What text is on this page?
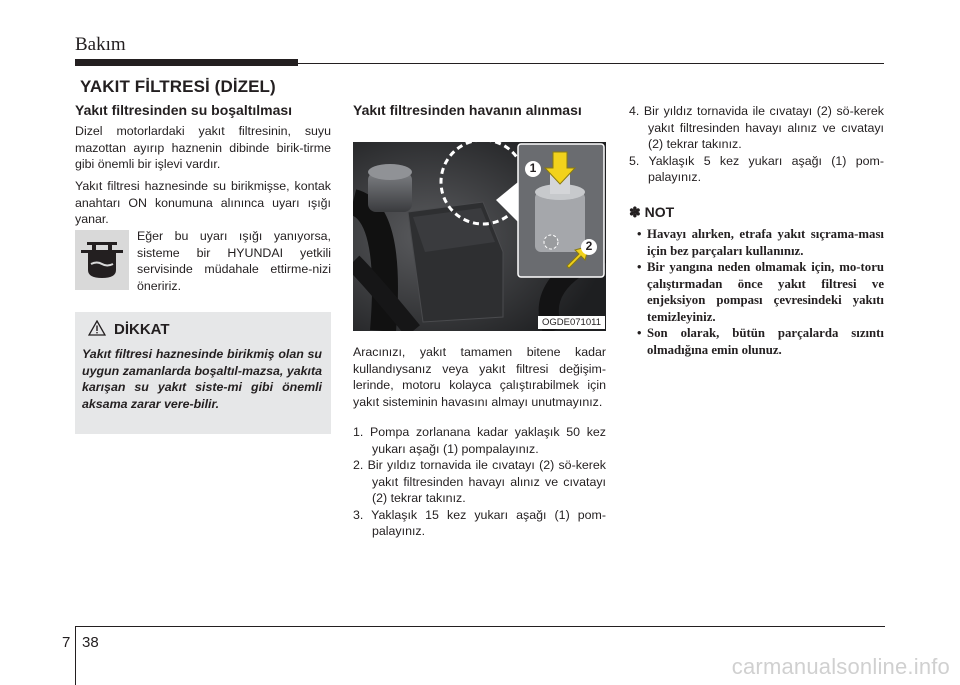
Bakım
YAKIT FİLTRESİ (DİZEL)
Yakıt filtresinden su boşaltılması
Dizel motorlardaki yakıt filtresinin, suyu mazottan ayırıp haznenin dibinde birik-tirme gibi önemli bir işlevi vardır.
Yakıt filtresi haznesinde su birikmişse, kontak anahtarı ON konumuna alınınca uyarı ışığı yanar.
Eğer bu uyarı ışığı yanıyorsa, sisteme bir HYUNDAI yetkili servisinde müdahale ettirme-nizi öneririz.
DİKKAT
Yakıt filtresi haznesinde birikmiş olan su uygun zamanlarda boşaltıl-mazsa, yakıta karışan su yakıt siste-mi gibi önemli aksama zarar vere-bilir.
Yakıt filtresinden havanın alınması
1
2
OGDE071011
Aracınızı, yakıt tamamen bitene kadar kullandıysanız veya yakıt filtresi değişim-lerinde, motoru kolayca çalıştırabilmek için yakıt sisteminin havasını almayı unutmayınız.
1. Pompa zorlanana kadar yaklaşık 50 kez yukarı aşağı (1) pompalayınız.
2. Bir yıldız tornavida ile cıvatayı (2) sö-kerek yakıt filtresinden havayı alınız ve cıvatayı (2) tekrar takınız.
3. Yaklaşık 15 kez yukarı aşağı (1) pom-palayınız.
4. Bir yıldız tornavida ile cıvatayı (2) sö-kerek yakıt filtresinden havayı alınız ve cıvatayı (2) tekrar takınız.
5. Yaklaşık 5 kez yukarı aşağı (1) pom-palayınız.
✽ NOT
• Havayı alırken, etrafa yakıt sıçrama-ması için bez parçaları kullanınız.
• Bir yangına neden olmamak için, mo-toru çalıştırmadan önce yakıt filtresi ve enjeksiyon pompası çevresindeki yakıtı temizleyiniz.
• Son olarak, bütün parçalarda sızıntı olmadığına emin olunuz.
7 38
carmanualsonline.info
